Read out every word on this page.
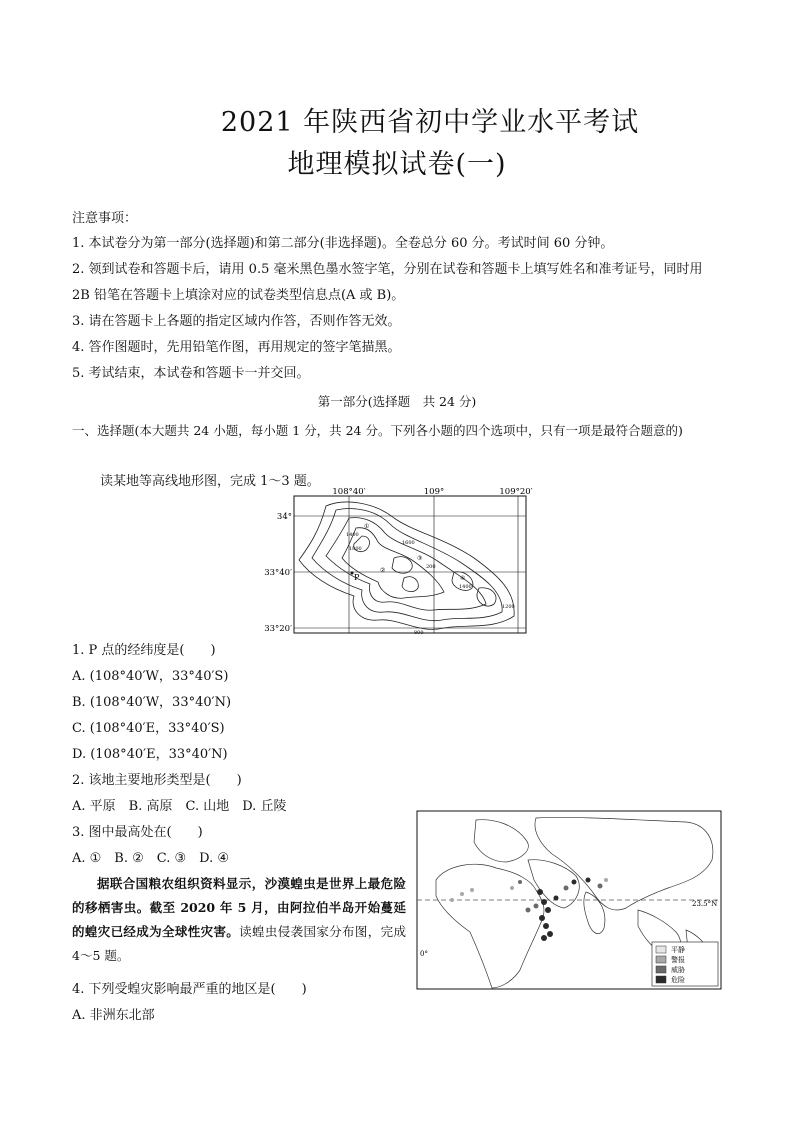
2021 年陕西省初中学业水平考试
地理模拟试卷(一)
注意事项：
1. 本试卷分为第一部分(选择题)和第二部分(非选择题)。全卷总分 60 分。考试时间 60 分钟。
2. 领到试卷和答题卡后，请用 0.5 毫米黑色墨水签字笔，分别在试卷和答题卡上填写姓名和准考证号，同时用 2B 铅笔在答题卡上填涂对应的试卷类型信息点(A 或 B)。
3. 请在答题卡上各题的指定区域内作答，否则作答无效。
4. 答作图题时，先用铅笔作图，再用规定的签字笔描黑。
5. 考试结束，本试卷和答题卡一并交回。
第一部分(选择题　共 24 分)
一、选择题(本大题共 24 小题，每小题 1 分，共 24 分。下列各小题的四个选项中，只有一项是最符合题意的)
读某地等高线地形图，完成 1～3 题。
108°40′	109°	109°20′
34°
33°40′
33°20′
1400
1800
1600
200
1200
1400
800
P
①
②
③
④
1. P 点的经纬度是(　　)
A. (108°40′W，33°40′S)
B. (108°40′W，33°40′N)
C. (108°40′E，33°40′S)
D. (108°40′E，33°40′N)
2. 该地主要地形类型是(　　)
A. 平原　B. 高原　C. 山地　D. 丘陵
3. 图中最高处在(　　)
A. ①　B. ②　C. ③　D. ④
据联合国粮农组织资料显示，沙漠蝗虫是世界上最危险的移栖害虫。截至 2020 年 5 月，由阿拉伯半岛开始蔓延的蝗灾已经成为全球性灾害。读蝗虫侵袭国家分布图，完成 4～5 题。
23.5°N
0°	平静
警报
威胁
危险
4. 下列受蝗灾影响最严重的地区是(　　)
A. 非洲东北部
